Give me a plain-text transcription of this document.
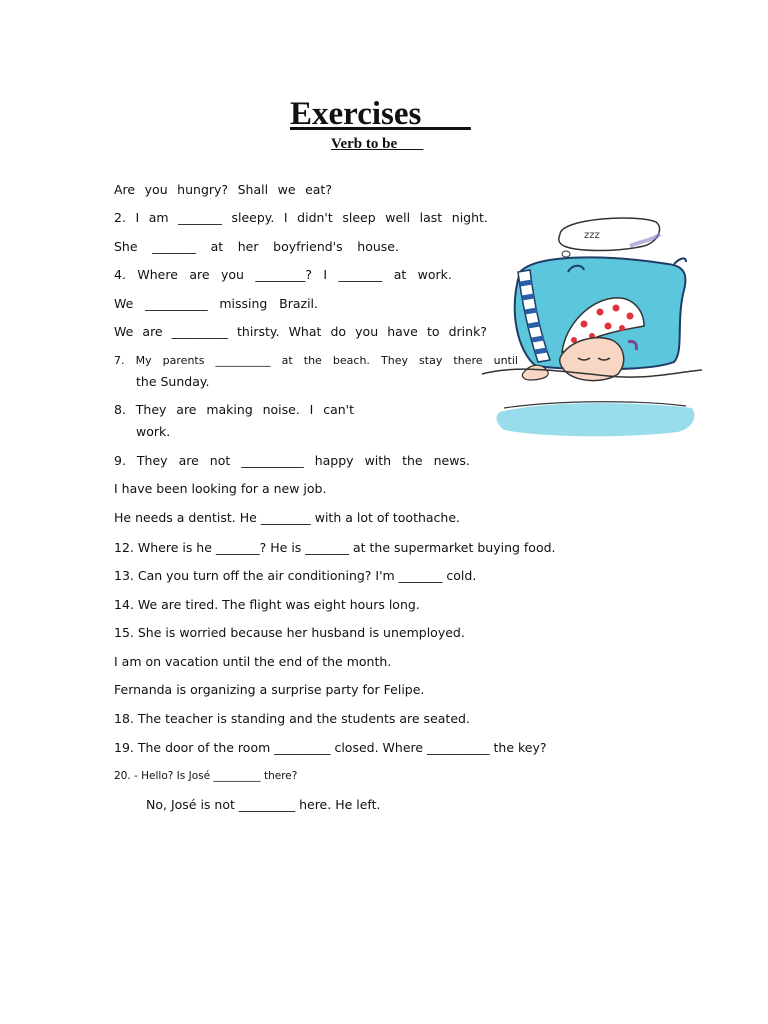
Exercises
Verb to be
Are you hungry? Shall we eat?
2. I am _______ sleepy. I didn't sleep well last night.
She _______ at her boyfriend's house.
4. Where are you ________? I _______ at work.
We __________ missing Brazil.
We are _________ thirsty. What do you have to drink?
7. My parents __________ at the beach. They stay there until
the Sunday.
8. They are making noise. I can't
work.
9. They are not __________ happy with the news.
I have been looking for a new job.
He needs a dentist. He ________ with a lot of toothache.
12. Where is he _______? He is _______ at the supermarket buying food.
13. Can you turn off the air conditioning? I'm _______ cold.
14. We are tired. The flight was eight hours long.
15. She is worried because her husband is unemployed.
I am on vacation until the end of the month.
Fernanda is organizing a surprise party for Felipe.
18. The teacher is standing and the students are seated.
19. The door of the room _________ closed. Where __________ the key?
20. - Hello? Is José _________ there?
No, José is not _________ here. He left.
zzz
